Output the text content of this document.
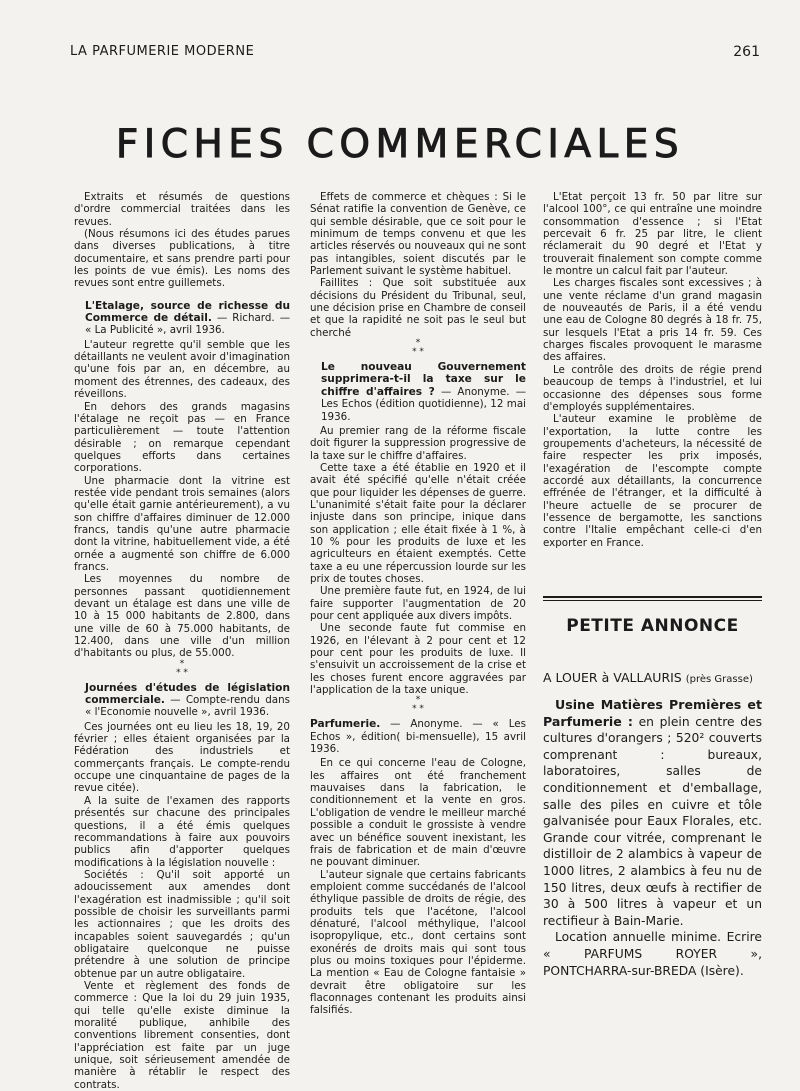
LA PARFUMERIE MODERNE	261
FICHES COMMERCIALES

Extraits et résumés de questions d'ordre commercial traitées dans les revues.

(Nous résumons ici des études parues dans diverses publications, à titre documentaire, et sans prendre parti pour les points de vue émis). Les noms des revues sont entre guillemets.

L'Etalage, source de richesse du Commerce de détail. — Richard. — « La Publicité », avril 1936.

L'auteur regrette qu'il semble que les détaillants ne veulent avoir d'imagination qu'une fois par an, en décembre, au moment des étrennes, des cadeaux, des réveillons.

En dehors des grands magasins l'étalage ne reçoit pas — en France particulièrement — toute l'attention désirable ; on remarque cependant quelques efforts dans certaines corporations.

Une pharmacie dont la vitrine est restée vide pendant trois semaines (alors qu'elle était garnie antérieurement), a vu son chiffre d'affaires diminuer de 12.000 francs, tandis qu'une autre pharmacie dont la vitrine, habituellement vide, a été ornée a augmenté son chiffre de 6.000 francs.

Les moyennes du nombre de personnes passant quotidiennement devant un étalage est dans une ville de 10 à 15 000 habitants de 2.800, dans une ville de 60 à 75.000 habitants, de 12.400, dans une ville d'un million d'habitants ou plus, de 55.000.

*
* *

Journées d'études de législation commerciale. — Compte-rendu dans « l'Economie nouvelle », avril 1936.

Ces journées ont eu lieu les 18, 19, 20 février ; elles étaient organisées par la Fédération des industriels et commerçants français. Le compte-rendu occupe une cinquantaine de pages de la revue citée).

A la suite de l'examen des rapports présentés sur chacune des principales questions, il a été émis quelques recommandations à faire aux pouvoirs publics afin d'apporter quelques modifications à la législation nouvelle :

Sociétés : Qu'il soit apporté un adoucissement aux amendes dont l'exagération est inadmissible ; qu'il soit possible de choisir les surveillants parmi les actionnaires ; que les droits des incapables soient sauvegardés ; qu'un obligataire quelconque ne puisse prétendre à une solution de principe obtenue par un autre obligataire.

Vente et règlement des fonds de commerce : Que la loi du 29 juin 1935, qui telle qu'elle existe diminue la moralité publique, anhibile des conventions librement consenties, dont l'appréciation est faite par un juge unique, soit sérieusement amendée de manière à rétablir le respect des contrats.

Effets de commerce et chèques : Si le Sénat ratifie la convention de Genève, ce qui semble désirable, que ce soit pour le minimum de temps convenu et que les articles réservés ou nouveaux qui ne sont pas intangibles, soient discutés par le Parlement suivant le système habituel.

Faillites : Que soit substituée aux décisions du Président du Tribunal, seul, une décision prise en Chambre de conseil et que la rapidité ne soit pas le seul but cherché

*
* *

Le nouveau Gouvernement supprimera-t-il la taxe sur le chiffre d'affaires ? — Anonyme. — Les Echos (édition quotidienne), 12 mai 1936.

Au premier rang de la réforme fiscale doit figurer la suppression progressive de la taxe sur le chiffre d'affaires.

Cette taxe a été établie en 1920 et il avait été spécifié qu'elle n'était créée que pour liquider les dépenses de guerre. L'unanimité s'était faite pour la déclarer injuste dans son principe, inique dans son application ; elle était fixée à 1 %, à 10 % pour les produits de luxe et les agriculteurs en étaient exemptés. Cette taxe a eu une répercussion lourde sur les prix de toutes choses.

Une première faute fut, en 1924, de lui faire supporter l'augmentation de 20 pour cent appliquée aux divers impôts.

Une seconde faute fut commise en 1926, en l'élevant à 2 pour cent et 12 pour cent pour les produits de luxe. Il s'ensuivit un accroissement de la crise et les choses furent encore aggravées par l'application de la taxe unique.

*
* *

Parfumerie. — Anonyme. — « Les Echos », édition( bi-mensuelle), 15 avril 1936.

En ce qui concerne l'eau de Cologne, les affaires ont été franchement mauvaises dans la fabrication, le conditionnement et la vente en gros. L'obligation de vendre le meilleur marché possible a conduit le grossiste à vendre avec un bénéfice souvent inexistant, les frais de fabrication et de main d'œuvre ne pouvant diminuer.

L'auteur signale que certains fabricants emploient comme succédanés de l'alcool éthylique passible de droits de régie, des produits tels que l'acétone, l'alcool dénaturé, l'alcool méthylique, l'alcool isopropylique, etc., dont certains sont exonérés de droits mais qui sont tous plus ou moins toxiques pour l'épiderme. La mention « Eau de Cologne fantaisie » devrait être obligatoire sur les flaconnages contenant les produits ainsi falsifiés.

L'Etat perçoit 13 fr. 50 par litre sur l'alcool 100°, ce qui entraîne une moindre consommation d'essence ; si l'Etat percevait 6 fr. 25 par litre, le client réclamerait du 90 degré et l'Etat y trouverait finalement son compte comme le montre un calcul fait par l'auteur.

Les charges fiscales sont excessives ; à une vente réclame d'un grand magasin de nouveautés de Paris, il a été vendu une eau de Cologne 80 degrés à 18 fr. 75, sur lesquels l'Etat a pris 14 fr. 59. Ces charges fiscales provoquent le marasme des affaires.

Le contrôle des droits de régie prend beaucoup de temps à l'industriel, et lui occasionne des dépenses sous forme d'employés supplémentaires.

L'auteur examine le problème de l'exportation, la lutte contre les groupements d'acheteurs, la nécessité de faire respecter les prix imposés, l'exagération de l'escompte compte accordé aux détaillants, la concurrence effrénée de l'étranger, et la difficulté à l'heure actuelle de se procurer de l'essence de bergamotte, les sanctions contre l'Italie empêchant celle-ci d'en exporter en France.

PETITE ANNONCE
A LOUER à VALLAURIS (près Grasse)

Usine Matières Premières et Parfumerie : en plein centre des cultures d'orangers ; 520² couverts comprenant : bureaux, laboratoires, salles de conditionnement et d'emballage, salle des piles en cuivre et tôle galvanisée pour Eaux Florales, etc. Grande cour vitrée, comprenant le distilloir de 2 alambics à vapeur de 1000 litres, 2 alambics à feu nu de 150 litres, deux œufs à rectifier de 30 à 500 litres à vapeur et un rectifieur à Bain-Marie.

Location annuelle minime. Ecrire « PARFUMS ROYER », PONTCHARRA-sur-BREDA (Isère).
